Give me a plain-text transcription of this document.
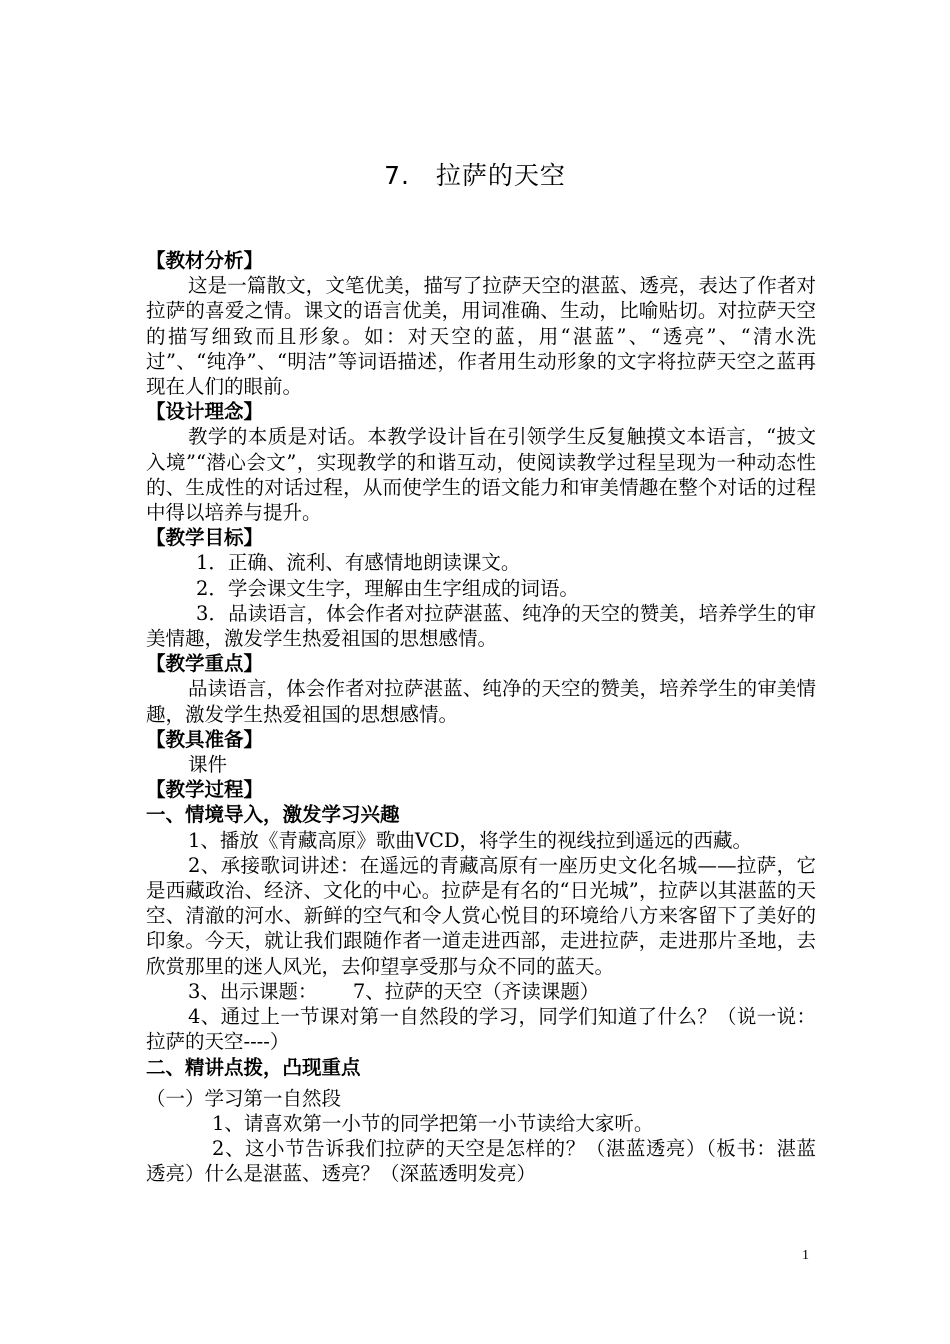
7.　拉萨的天空

【教材分析】

这是一篇散文，文笔优美，描写了拉萨天空的湛蓝、透亮，表达了作者对拉萨的喜爱之情。课文的语言优美，用词准确、生动，比喻贴切。对拉萨天空的描写细致而且形象。如：对天空的蓝，用“湛蓝”、“透亮”、“清水洗过”、“纯净”、“明洁”等词语描述，作者用生动形象的文字将拉萨天空之蓝再现在人们的眼前。

【设计理念】

教学的本质是对话。本教学设计旨在引领学生反复触摸文本语言，“披文入境”“潜心会文”，实现教学的和谐互动，使阅读教学过程呈现为一种动态性的、生成性的对话过程，从而使学生的语文能力和审美情趣在整个对话的过程中得以培养与提升。

【教学目标】

1．正确、流利、有感情地朗读课文。

2．学会课文生字，理解由生字组成的词语。

3．品读语言，体会作者对拉萨湛蓝、纯净的天空的赞美，培养学生的审美情趣，激发学生热爱祖国的思想感情。

【教学重点】

品读语言，体会作者对拉萨湛蓝、纯净的天空的赞美，培养学生的审美情趣，激发学生热爱祖国的思想感情。

【教具准备】

课件

【教学过程】

一、情境导入，激发学习兴趣

1、播放《青藏高原》歌曲VCD，将学生的视线拉到遥远的西藏。

2、承接歌词讲述：在遥远的青藏高原有一座历史文化名城——拉萨，它是西藏政治、经济、文化的中心。拉萨是有名的“日光城”，拉萨以其湛蓝的天空、清澈的河水、新鲜的空气和令人赏心悦目的环境给八方来客留下了美好的印象。今天，就让我们跟随作者一道走进西部，走进拉萨，走进那片圣地，去欣赏那里的迷人风光，去仰望享受那与众不同的蓝天。

3、出示课题：　　 7、拉萨的天空（齐读课题）

4、通过上一节课对第一自然段的学习，同学们知道了什么？（说一说：拉萨的天空----）

二、精讲点拨，凸现重点

（一）学习第一自然段

1、请喜欢第一小节的同学把第一小节读给大家听。

2、这小节告诉我们拉萨的天空是怎样的？（湛蓝透亮）（板书：湛蓝透亮）什么是湛蓝、透亮？（深蓝透明发亮）

1
